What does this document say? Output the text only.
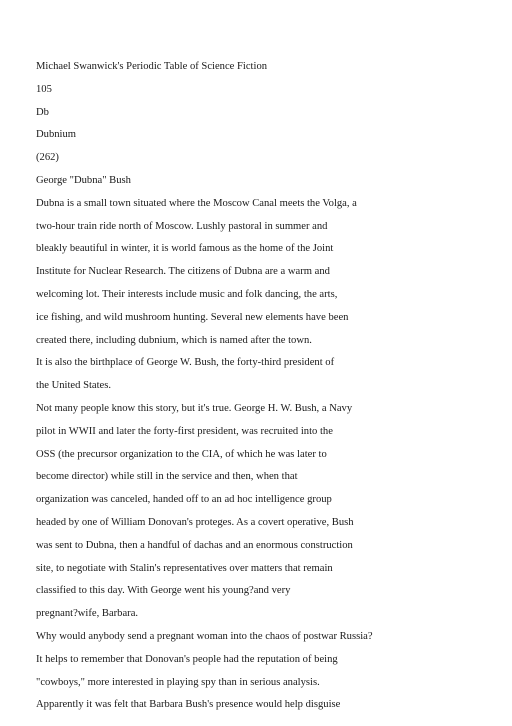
Michael Swanwick's Periodic Table of Science Fiction
105
Db
Dubnium
(262)
George "Dubna" Bush
Dubna is a small town situated where the Moscow Canal meets the Volga, a
two-hour train ride north of Moscow. Lushly pastoral in summer and
bleakly beautiful in winter, it is world famous as the home of the Joint
Institute for Nuclear Research. The citizens of Dubna are a warm and
welcoming lot. Their interests include music and folk dancing, the arts,
ice fishing, and wild mushroom hunting. Several new elements have been
created there, including dubnium, which is named after the town.
It is also the birthplace of George W. Bush, the forty-third president of
the United States.
Not many people know this story, but it's true. George H. W. Bush, a Navy
pilot in WWII and later the forty-first president, was recruited into the
OSS (the precursor organization to the CIA, of which he was later to
become director) while still in the service and then, when that
organization was canceled, handed off to an ad hoc intelligence group
headed by one of William Donovan's proteges. As a covert operative, Bush
was sent to Dubna, then a handful of dachas and an enormous construction
site, to negotiate with Stalin's representatives over matters that remain
classified to this day. With George went his young?and very
pregnant?wife, Barbara.
Why would anybody send a pregnant woman into the chaos of postwar Russia?
It helps to remember that Donovan's people had the reputation of being
"cowboys," more interested in playing spy than in serious analysis.
Apparently it was felt that Barbara Bush's presence would help disguise
